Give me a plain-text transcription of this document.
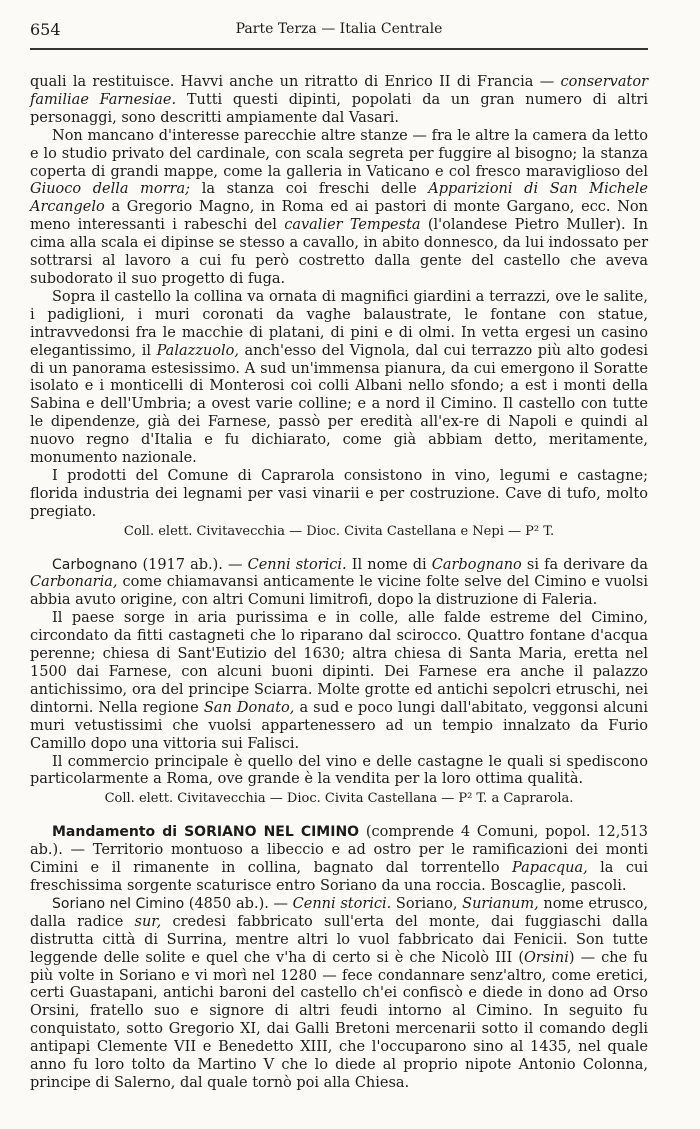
654	Parte Terza — Italia Centrale

quali la restituisce. Havvi anche un ritratto di Enrico II di Francia — conservator familiae Farnesiae. Tutti questi dipinti, popolati da un gran numero di altri personaggi, sono descritti ampiamente dal Vasari.

Non mancano d'interesse parecchie altre stanze — fra le altre la camera da letto e lo studio privato del cardinale, con scala segreta per fuggire al bisogno; la stanza coperta di grandi mappe, come la galleria in Vaticano e col fresco maraviglioso del Giuoco della morra; la stanza coi freschi delle Apparizioni di San Michele Arcangelo a Gregorio Magno, in Roma ed ai pastori di monte Gargano, ecc. Non meno interessanti i rabeschi del cavalier Tempesta (l'olandese Pietro Muller). In cima alla scala ei dipinse se stesso a cavallo, in abito donnesco, da lui indossato per sottrarsi al lavoro a cui fu però costretto dalla gente del castello che aveva subodorato il suo progetto di fuga.

Sopra il castello la collina va ornata di magnifici giardini a terrazzi, ove le salite, i padiglioni, i muri coronati da vaghe balaustrate, le fontane con statue, intravvedonsi fra le macchie di platani, di pini e di olmi. In vetta ergesi un casino elegantissimo, il Palazzuolo, anch'esso del Vignola, dal cui terrazzo più alto godesi di un panorama estesissimo. A sud un'immensa pianura, da cui emergono il Soratte isolato e i monticelli di Monterosi coi colli Albani nello sfondo; a est i monti della Sabina e dell'Umbria; a ovest varie colline; e a nord il Cimino. Il castello con tutte le dipendenze, già dei Farnese, passò per eredità all'ex-re di Napoli e quindi al nuovo regno d'Italia e fu dichiarato, come già abbiam detto, meritamente, monumento nazionale.

I prodotti del Comune di Caprarola consistono in vino, legumi e castagne; florida industria dei legnami per vasi vinarii e per costruzione. Cave di tufo, molto pregiato.

Coll. elett. Civitavecchia — Dioc. Civita Castellana e Nepi — P² T.

Carbognano (1917 ab.). — Cenni storici. Il nome di Carbognano si fa derivare da Carbonaria, come chiamavansi anticamente le vicine folte selve del Cimino e vuolsi abbia avuto origine, con altri Comuni limitrofi, dopo la distruzione di Faleria.

Il paese sorge in aria purissima e in colle, alle falde estreme del Cimino, circondato da fitti castagneti che lo riparano dal scirocco. Quattro fontane d'acqua perenne; chiesa di Sant'Eutizio del 1630; altra chiesa di Santa Maria, eretta nel 1500 dai Farnese, con alcuni buoni dipinti. Dei Farnese era anche il palazzo antichissimo, ora del principe Sciarra. Molte grotte ed antichi sepolcri etruschi, nei dintorni. Nella regione San Donato, a sud e poco lungi dall'abitato, veggonsi alcuni muri vetustissimi che vuolsi appartenessero ad un tempio innalzato da Furio Camillo dopo una vittoria sui Falisci.

Il commercio principale è quello del vino e delle castagne le quali si spediscono particolarmente a Roma, ove grande è la vendita per la loro ottima qualità.

Coll. elett. Civitavecchia — Dioc. Civita Castellana — P² T. a Caprarola.

Mandamento di SORIANO NEL CIMINO (comprende 4 Comuni, popol. 12,513 ab.). — Territorio montuoso a libeccio e ad ostro per le ramificazioni dei monti Cimini e il rimanente in collina, bagnato dal torrentello Papacqua, la cui freschissima sorgente scaturisce entro Soriano da una roccia. Boscaglie, pascoli.

Soriano nel Cimino (4850 ab.). — Cenni storici. Soriano, Surianum, nome etrusco, dalla radice sur, credesi fabbricato sull'erta del monte, dai fuggiaschi dalla distrutta città di Surrina, mentre altri lo vuol fabbricato dai Fenicii. Son tutte leggende delle solite e quel che v'ha di certo si è che Nicolò III (Orsini) — che fu più volte in Soriano e vi morì nel 1280 — fece condannare senz'altro, come eretici, certi Guastapani, antichi baroni del castello ch'ei confiscò e diede in dono ad Orso Orsini, fratello suo e signore di altri feudi intorno al Cimino. In seguito fu conquistato, sotto Gregorio XI, dai Galli Bretoni mercenarii sotto il comando degli antipapi Clemente VII e Benedetto XIII, che l'occuparono sino al 1435, nel quale anno fu loro tolto da Martino V che lo diede al proprio nipote Antonio Colonna, principe di Salerno, dal quale tornò poi alla Chiesa.
